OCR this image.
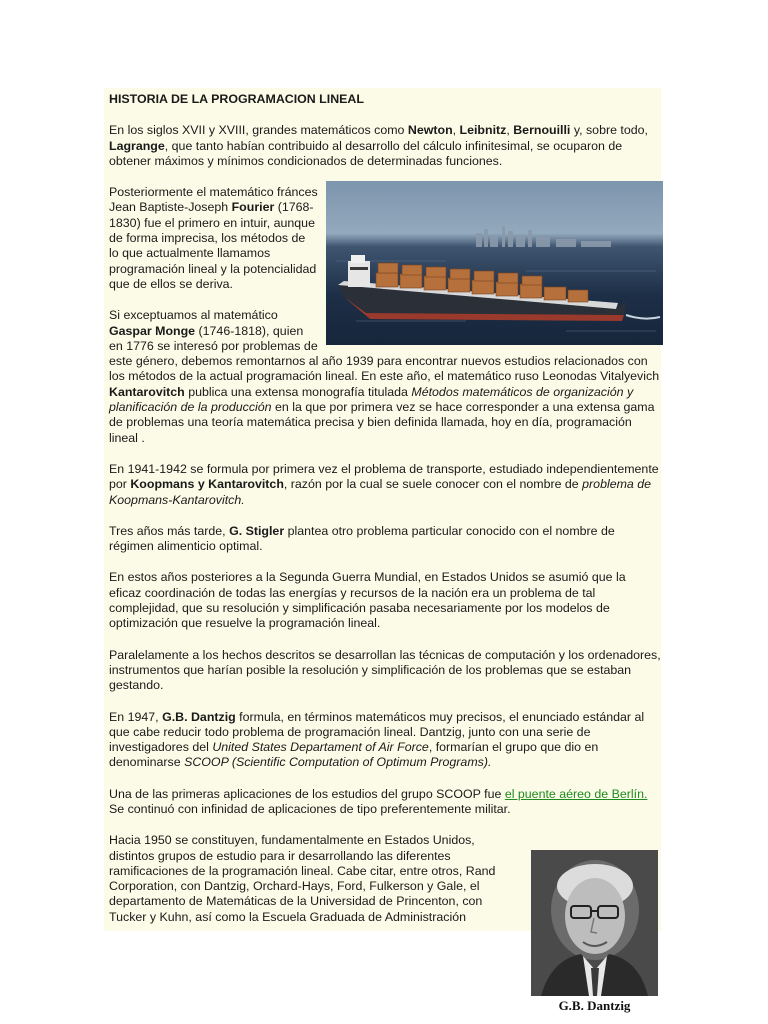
HISTORIA DE LA PROGRAMACION LINEAL

En los siglos XVII y XVIII, grandes matemáticos como Newton, Leibnitz, Bernouilli y, sobre todo, Lagrange, que tanto habían contribuido al desarrollo del cálculo infinitesimal, se ocuparon de obtener máximos y mínimos condicionados de determinadas funciones.

Posteriormente el matemático fránces Jean Baptiste-Joseph Fourier (1768-1830) fue el primero en intuir, aunque de forma imprecisa, los métodos de lo que actualmente llamamos programación lineal y la potencialidad que de ellos se deriva.

Si exceptuamos al matemático Gaspar Monge (1746-1818), quien en 1776 se interesó por problemas de este género, debemos remontarnos al año 1939 para encontrar nuevos estudios relacionados con los métodos de la actual programación lineal. En este año, el matemático ruso Leonodas Vitalyevich Kantarovitch publica una extensa monografía titulada Métodos matemáticos de organización y planificación de la producción en la que por primera vez se hace corresponder a una extensa gama de problemas una teoría matemática precisa y bien definida llamada, hoy en día, programación lineal .

En 1941-1942 se formula por primera vez el problema de transporte, estudiado independientemente por Koopmans y Kantarovitch, razón por la cual se suele conocer con el nombre de problema de Koopmans-Kantarovitch.

Tres años más tarde, G. Stigler plantea otro problema particular conocido con el nombre de régimen alimenticio optimal.

En estos años posteriores a la Segunda Guerra Mundial, en Estados Unidos se asumió que la eficaz coordinación de todas las energías y recursos de la nación era un problema de tal complejidad, que su resolución y simplificación pasaba necesariamente por los modelos de optimización que resuelve la programación lineal.

Paralelamente a los hechos descritos se desarrollan las técnicas de computación y los ordenadores, instrumentos que harían posible la resolución y simplificación de los problemas que se estaban gestando.

En 1947, G.B. Dantzig formula, en términos matemáticos muy precisos, el enunciado estándar al que cabe reducir todo problema de programación lineal. Dantzig, junto con una serie de investigadores del United States Departament of Air Force, formarían el grupo que dio en denominarse SCOOP (Scientific Computation of Optimum Programs).

Una de las primeras aplicaciones de los estudios del grupo SCOOP fue el puente aéreo de Berlín. Se continuó con infinidad de aplicaciones de tipo preferentemente militar.

Hacia 1950 se constituyen, fundamentalmente en Estados Unidos, distintos grupos de estudio para ir desarrollando las diferentes ramificaciones de la programación lineal. Cabe citar, entre otros, Rand Corporation, con Dantzig, Orchard-Hays, Ford, Fulkerson y Gale, el departamento de Matemáticas de la Universidad de Princenton, con Tucker y Kuhn, así como la Escuela Graduada de Administración

G.B. Dantzig
